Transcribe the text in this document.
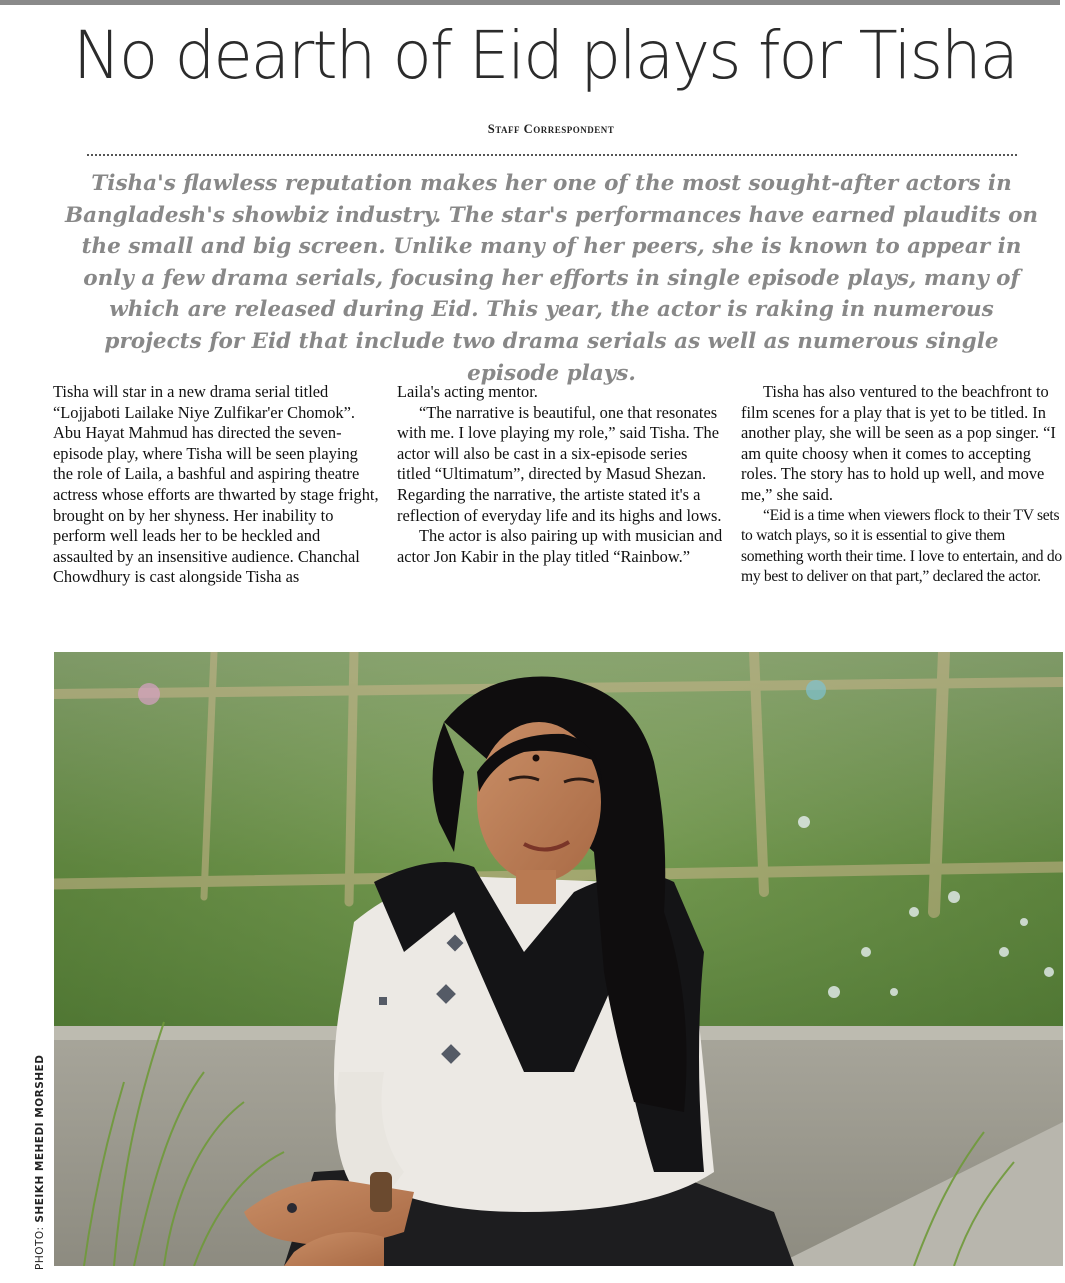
No dearth of Eid plays for Tisha
Staff Correspondent

Tisha's flawless reputation makes her one of the most sought-after actors in Bangladesh's showbiz industry. The star's performances have earned plaudits on the small and big screen. Unlike many of her peers, she is known to appear in only a few drama serials, focusing her efforts in single episode plays, many of which are released during Eid. This year, the actor is raking in numerous projects for Eid that include two drama serials as well as numerous single episode plays.

Tisha will star in a new drama serial titled “Lojjaboti Lailake Niye Zulfikar'er Chomok”. Abu Hayat Mahmud has directed the seven-episode play, where Tisha will be seen playing the role of Laila, a bashful and aspiring theatre actress whose efforts are thwarted by stage fright, brought on by her shyness. Her inability to perform well leads her to be heckled and assaulted by an insensitive audience. Chanchal Chowdhury is cast alongside Tisha as

Laila's acting mentor.

“The narrative is beautiful, one that resonates with me. I love playing my role,” said Tisha. The actor will also be cast in a six-episode series titled “Ultimatum”, directed by Masud Shezan. Regarding the narrative, the artiste stated it's a reflection of everyday life and its highs and lows.

The actor is also pairing up with musician and actor Jon Kabir in the play titled “Rainbow.”

Tisha has also ventured to the beachfront to film scenes for a play that is yet to be titled. In another play, she will be seen as a pop singer. “I am quite choosy when it comes to accepting roles. The story has to hold up well, and move me,” she said.

“Eid is a time when viewers flock to their TV sets to watch plays, so it is essential to give them something worth their time. I love to entertain, and do my best to deliver on that part,” declared the actor.

PHOTO: SHEIKH MEHEDI MORSHED
